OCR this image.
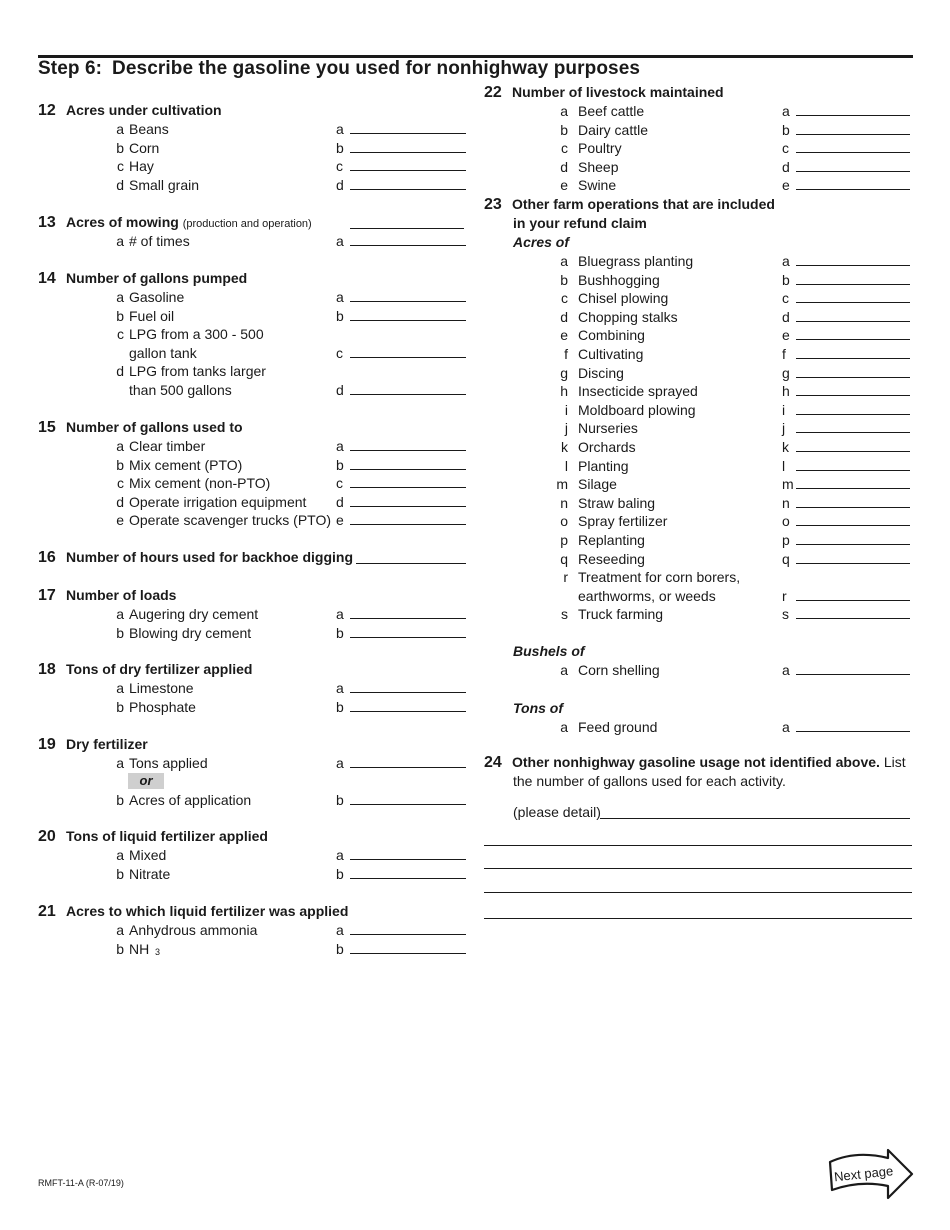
Step 6: Describe the gasoline you used for nonhighway purposes
12 Acres under cultivation
a Beans	a
b Corn	b
c Hay	c
d Small grain	d
13 Acres of mowing (production and operation)
a # of times	a
14 Number of gallons pumped
a Gasoline	a
b Fuel oil	b
c LPG from a 300 - 500
gallon tank	c
d LPG from tanks larger
than 500 gallons	d
15 Number of gallons used to
a Clear timber	a
b Mix cement (PTO)	b
c Mix cement (non-PTO)	c
d Operate irrigation equipment d
e Operate scavenger trucks (PTO) e
16 Number of hours used for backhoe digging
17 Number of loads
a Augering dry cement	a
b Blowing dry cement	b
18 Tons of dry fertilizer applied
a Limestone	a
b Phosphate	b
19 Dry fertilizer
a Tons applied	a
or
b Acres of application	b
20 Tons of liquid fertilizer applied
a Mixed	a
b Nitrate	b
21 Acres to which liquid fertilizer was applied
a Anhydrous ammonia	a
b NH 3	b
22 Number of livestock maintained
a Beef cattle	a
b Dairy cattle	b
c Poultry	c
d Sheep	d
e Swine	e
23 Other farm operations that are included
in your refund claim
Acres of
a Bluegrass planting	a
b Bushhogging	b
c Chisel plowing	c
d Chopping stalks	d
e Combining	e
f Cultivating	f
g Discing	g
h Insecticide sprayed	h
i Moldboard plowing	i
j Nurseries	j
k Orchards	k
l Planting	l
m Silage	m
n Straw baling	n
o Spray fertilizer	o
p Replanting	p
q Reseeding	q
r Treatment for corn borers,
earthworms, or weeds	r
s Truck farming	s
Bushels of
a Corn shelling	a
Tons of
a Feed ground	a
24 Other nonhighway gasoline usage not identified above. List
the number of gallons used for each activity.
(please detail)
RMFT-11-A (R-07/19)	Next page
